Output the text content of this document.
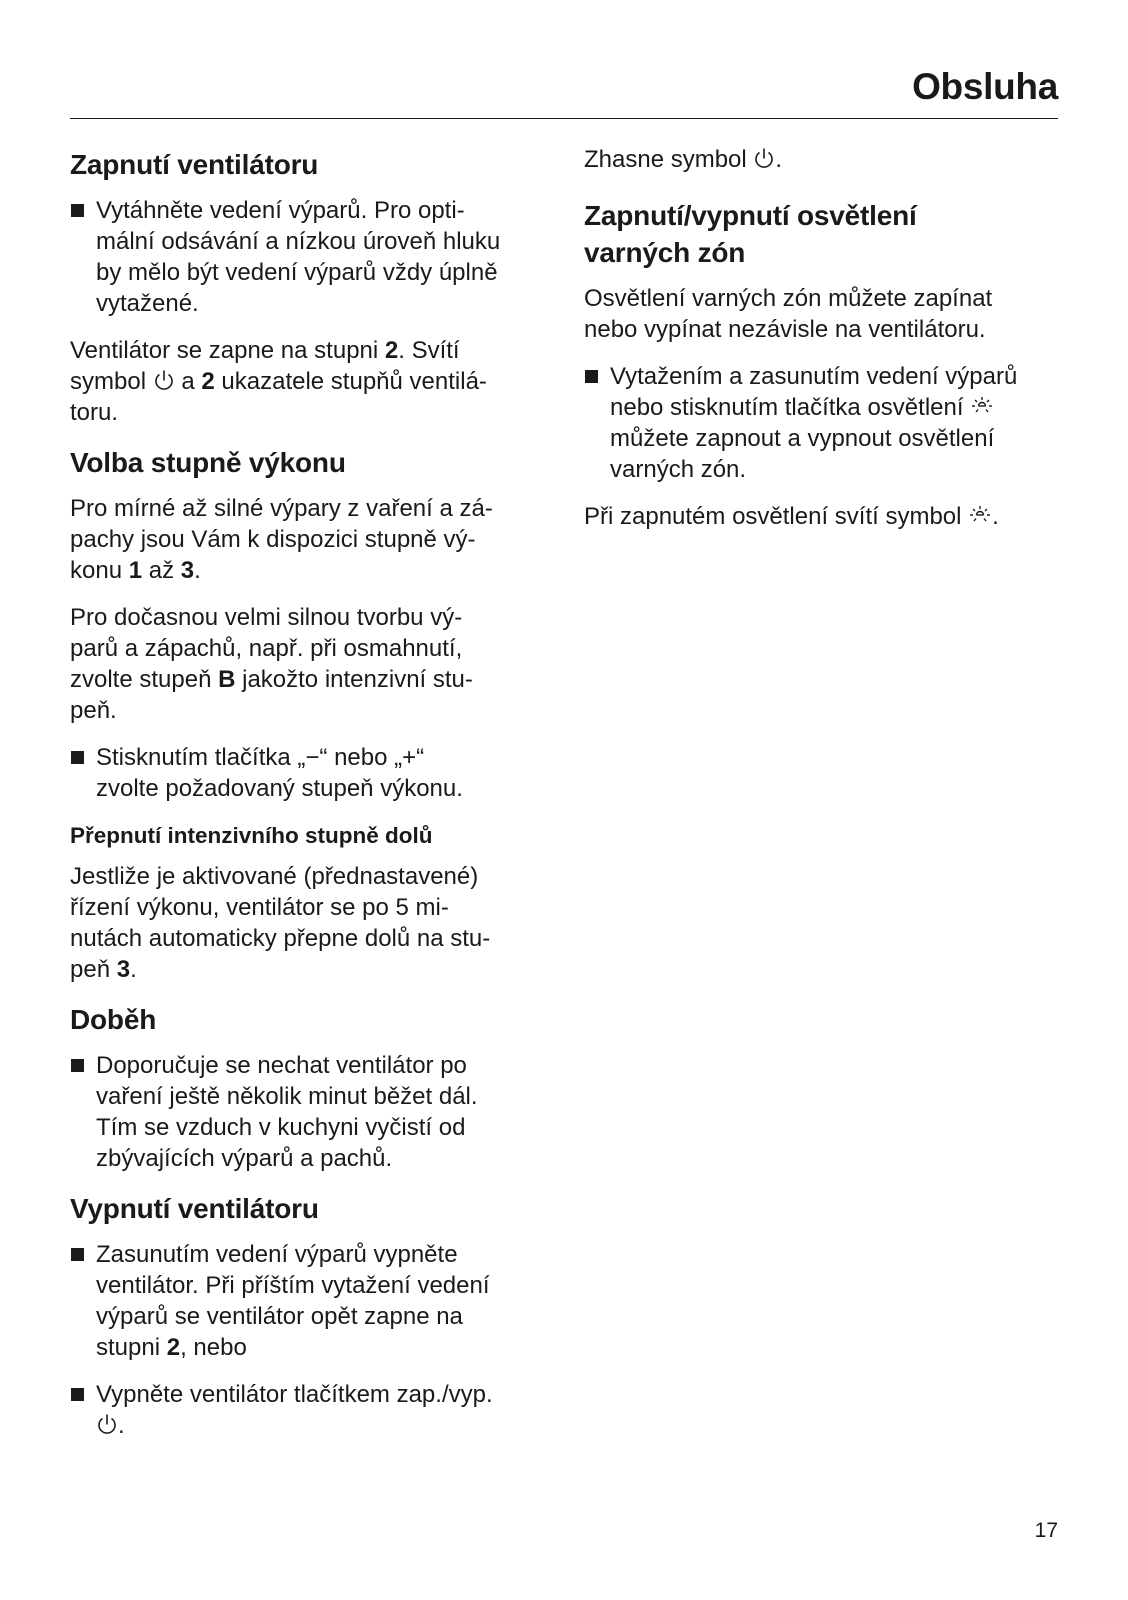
Obsluha
Zapnutí ventilátoru
Vytáhněte vedení výparů. Pro opti-
mální odsávání a nízkou úroveň hluku
by mělo být vedení výparů vždy úplně
vytažené.

Ventilátor se zapne na stupni 2. Svítí
symbol  a 2 ukazatele stupňů ventilá-
toru.

Volba stupně výkonu

Pro mírné až silné výpary z vaření a zá-
pachy jsou Vám k dispozici stupně vý-
konu 1 až 3.

Pro dočasnou velmi silnou tvorbu vý-
parů a zápachů, např. při osmahnutí,
zvolte stupeň B jakožto intenzivní stu-
peň.

Stisknutím tlačítka „−“ nebo „+“
zvolte požadovaný stupeň výkonu.
Přepnutí intenzivního stupně dolů

Jestliže je aktivované (přednastavené)
řízení výkonu, ventilátor se po 5 mi-
nutách automaticky přepne dolů na stu-
peň 3.

Doběh
Doporučuje se nechat ventilátor po
vaření ještě několik minut běžet dál.
Tím se vzduch v kuchyni vyčistí od
zbývajících výparů a pachů.
Vypnutí ventilátoru
Zasunutím vedení výparů vypněte
ventilátor. Při příštím vytažení vedení
výparů se ventilátor opět zapne na
stupni 2, nebo
Vypněte ventilátor tlačítkem zap./vyp.
.

Zhasne symbol .

Zapnutí/vypnutí osvětlení
varných zón

Osvětlení varných zón můžete zapínat
nebo vypínat nezávisle na ventilátoru.

Vytažením a zasunutím vedení výparů
nebo stisknutím tlačítka osvětlení
můžete zapnout a vypnout osvětlení
varných zón.

Při zapnutém osvětlení svítí symbol .

17
